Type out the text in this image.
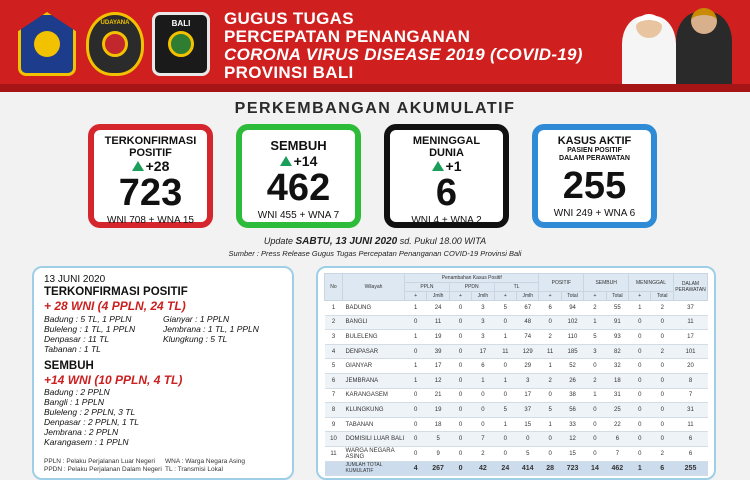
UDAYANA	BALI	GUGUS TUGAS
PERCEPATAN PENANGANAN
CORONA VIRUS DISEASE 2019 (COVID-19)
PROVINSI BALI
PERKEMBANGAN AKUMULATIF
TERKONFIRMASI
POSITIF
+28
723
WNI 708 + WNA 15
SEMBUH
+14
462
WNI 455 + WNA 7
MENINGGAL
DUNIA
+1
6
WNI 4 + WNA 2
KASUS AKTIF
PASIEN POSITIF
DALAM PERAWATAN
255
WNI 249 + WNA 6
Update SABTU, 13 JUNI 2020 sd. Pukul 18.00 WITA
Sumber : Press Release Gugus Tugas Percepatan Penanganan COVID-19 Provinsi Bali
13 JUNI 2020
TERKONFIRMASI POSITIF
+ 28 WNI (4 PPLN, 24 TL)
Badung : 5 TL, 1 PPLN	Gianyar : 1 PPLN
Buleleng : 1 TL, 1 PPLN	Jembrana : 1 TL, 1 PPLN
Denpasar : 11 TL	Klungkung : 5 TL
Tabanan : 1 TL
SEMBUH
+14 WNI (10 PPLN, 4 TL)
Badung : 2 PPLN
Bangli : 1 PPLN
Buleleng : 2 PPLN, 3 TL
Denpasar : 2 PPLN, 1 TL
Jembrana : 2 PPLN
Karangasem : 1 PPLN
PPLN : Pelaku Perjalanan Luar Negeri	WNA : Warga Negara Asing
PPDN : Pelaku Perjalanan Dalam Negeri TL : Transmisi Lokal
No	Wilayah	Penambahan Kasus Positif						POSITIF		SEMBUH		MENINGGAL		DALAM PERAWATAN
		PPLN		PPDN		TL								
		+	Jmlh	+	Jmlh	+	Jmlh	+	Total	+	Total	+	Total	
1	BADUNG	1	24	0	3	5	67	6	94	2	55	1	2	37
2	BANGLI	0	11	0	3	0	48	0	102	1	91	0	0	11
3	BULELENG	1	19	0	3	1	74	2	110	5	93	0	0	17
4	DENPASAR	0	39	0	17	11	129	11	185	3	82	0	2	101
5	GIANYAR	1	17	0	6	0	29	1	52	0	32	0	0	20
6	JEMBRANA	1	12	0	1	1	3	2	26	2	18	0	0	8
7	KARANGASEM	0	21	0	0	0	17	0	38	1	31	0	0	7
8	KLUNGKUNG	0	19	0	0	5	37	5	56	0	25	0	0	31
9	TABANAN	0	18	0	0	1	15	1	33	0	22	0	0	11
10	DOMISILI LUAR BALI	0	5	0	7	0	0	0	12	0	6	0	0	6
11	WARGA NEGARA ASING	0	9	0	2	0	5	0	15	0	7	0	2	6
	JUMLAH TOTAL KUMULATIF	4	267	0	42	24	414	28	723	14	462	1	6	255
